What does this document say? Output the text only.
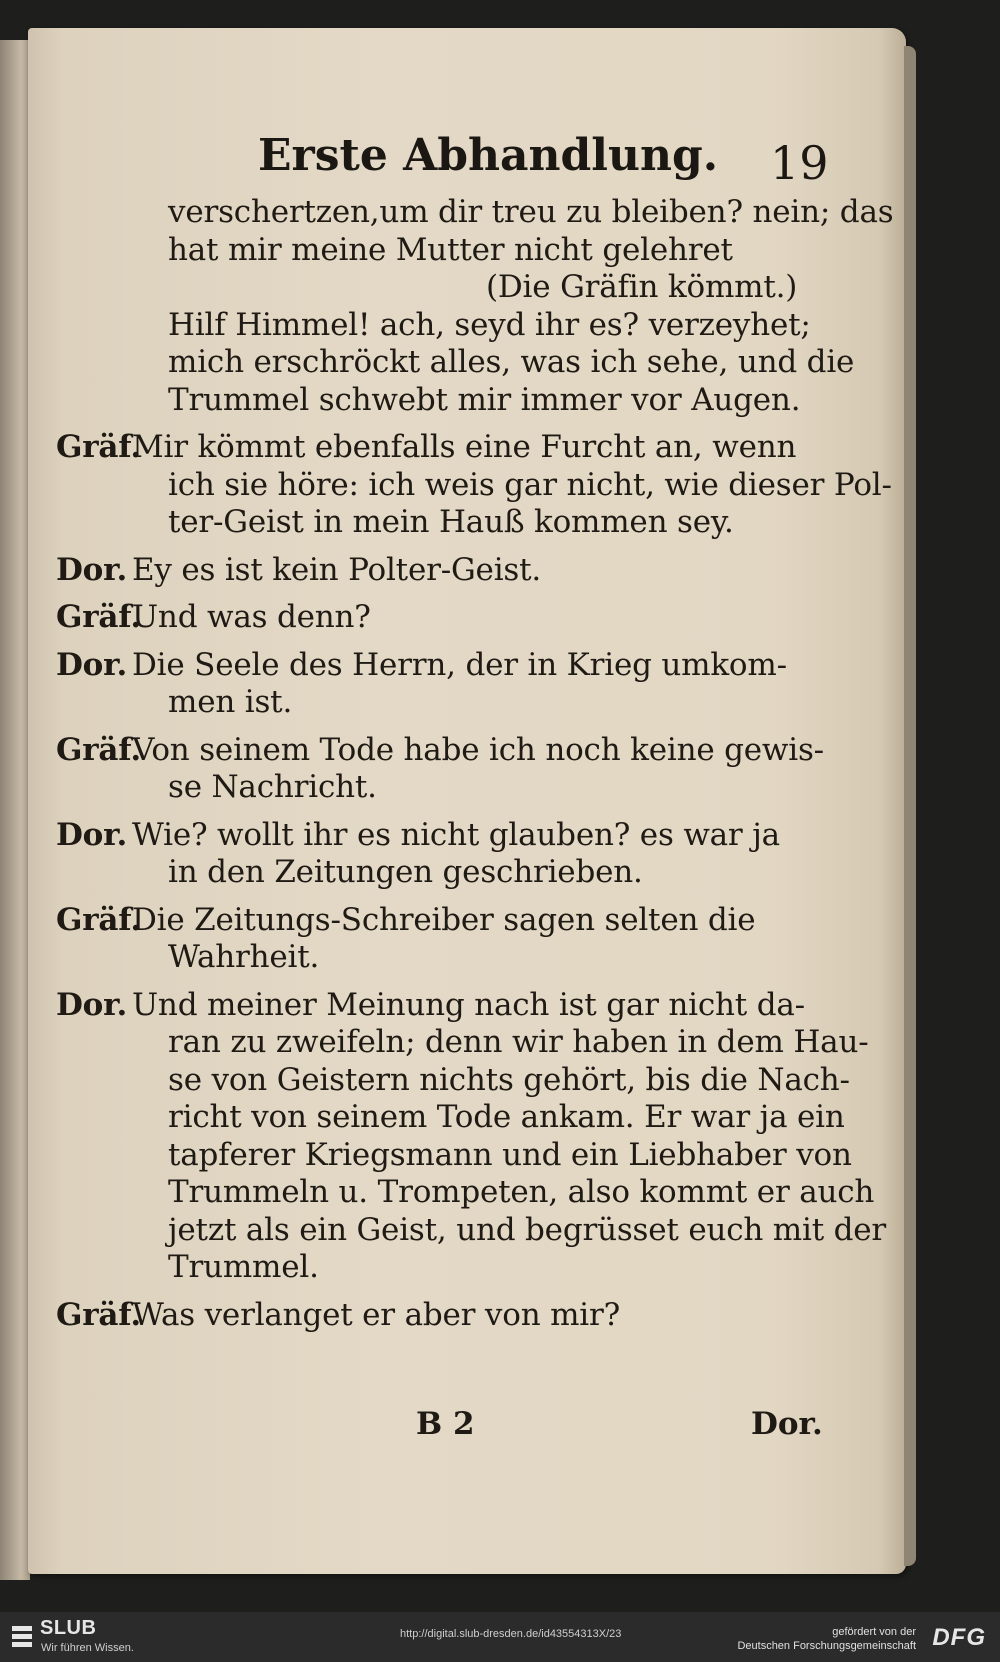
Erste Abhandlung. 19
verschertzen,um dir treu zu bleiben? nein; das
hat mir meine Mutter nicht gelehret
(Die Gräfin kömmt.)
Hilf Himmel! ach, seyd ihr es? verzeyhet;
mich erschröckt alles, was ich sehe, und die
Trummel schwebt mir immer vor Augen.
Gräf.Mir kömmt ebenfalls eine Furcht an, wenn
ich sie höre: ich weis gar nicht, wie dieser Pol-
ter-Geist in mein Hauß kommen sey.
Dor. Ey es ist kein Polter-Geist.
Gräf.Und was denn?
Dor. Die Seele des Herrn, der in Krieg umkom-
men ist.
Gräf.Von seinem Tode habe ich noch keine gewis-
se Nachricht.
Dor. Wie? wollt ihr es nicht glauben? es war ja
in den Zeitungen geschrieben.
Gräf.Die Zeitungs-Schreiber sagen selten die
Wahrheit.
Dor. Und meiner Meinung nach ist gar nicht da-
ran zu zweifeln; denn wir haben in dem Hau-
se von Geistern nichts gehört, bis die Nach-
richt von seinem Tode ankam. Er war ja ein
tapferer Kriegsmann und ein Liebhaber von
Trummeln u. Trompeten, also kommt er auch
jetzt als ein Geist, und begrüsset euch mit der
Trummel.
Gräf.Was verlanget er aber von mir?
B 2	Dor.
SLUB
Wir führen Wissen.
http://digital.slub-dresden.de/id43554313X/23	gefördert von der
Deutschen Forschungsgemeinschaft DFG
